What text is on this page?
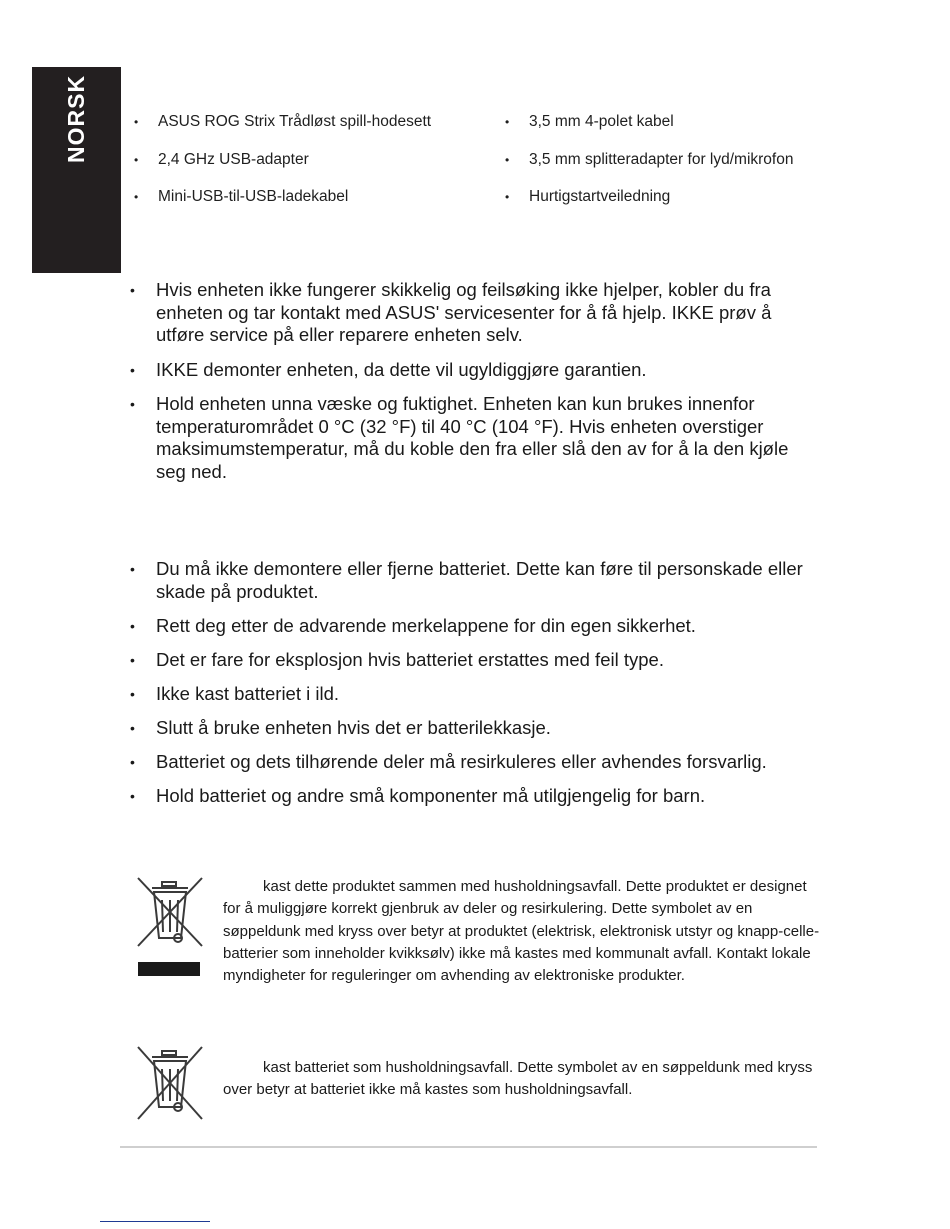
NORSK
•	ASUS ROG Strix Trådløst spill-hodesett
• 2,4 GHz USB-adapter
• Mini-USB-til-USB-ladekabel
• 3,5 mm 4-polet kabel
• 3,5 mm splitteradapter for lyd/mikrofon
• Hurtigstartveiledning
• Hvis enheten ikke fungerer skikkelig og feilsøking ikke hjelper, kobler du fra enheten og tar kontakt med ASUS' servicesenter for å få hjelp. IKKE prøv å utføre service på eller reparere enheten selv.
• IKKE demonter enheten, da dette vil ugyldiggjøre garantien.
• Hold enheten unna væske og fuktighet. Enheten kan kun brukes innenfor temperaturområdet 0 °C (32 °F) til 40 °C (104 °F). Hvis enheten overstiger maksimumstemperatur, må du koble den fra eller slå den av for å la den kjøle seg ned.
• Du må ikke demontere eller fjerne batteriet. Dette kan føre til personskade eller skade på produktet.
• Rett deg etter de advarende merkelappene for din egen sikkerhet.
• Det er fare for eksplosjon hvis batteriet erstattes med feil type.
• Ikke kast batteriet i ild.
• Slutt å bruke enheten hvis det er batterilekkasje.
• Batteriet og dets tilhørende deler må resirkuleres eller avhendes forsvarlig.
• Hold batteriet og andre små komponenter må utilgjengelig for barn.
kast dette produktet sammen med husholdningsavfall. Dette produktet er designet for å muliggjøre korrekt gjenbruk av deler og resirkulering. Dette symbolet av en søppeldunk med kryss over betyr at produktet (elektrisk, elektronisk utstyr og knapp-celle-batterier som inneholder kvikksølv) ikke må kastes med kommunalt avfall. Kontakt lokale myndigheter for reguleringer om avhending av elektroniske produkter.
kast batteriet som husholdningsavfall. Dette symbolet av en søppeldunk med kryss over betyr at batteriet ikke må kastes som husholdningsavfall.
